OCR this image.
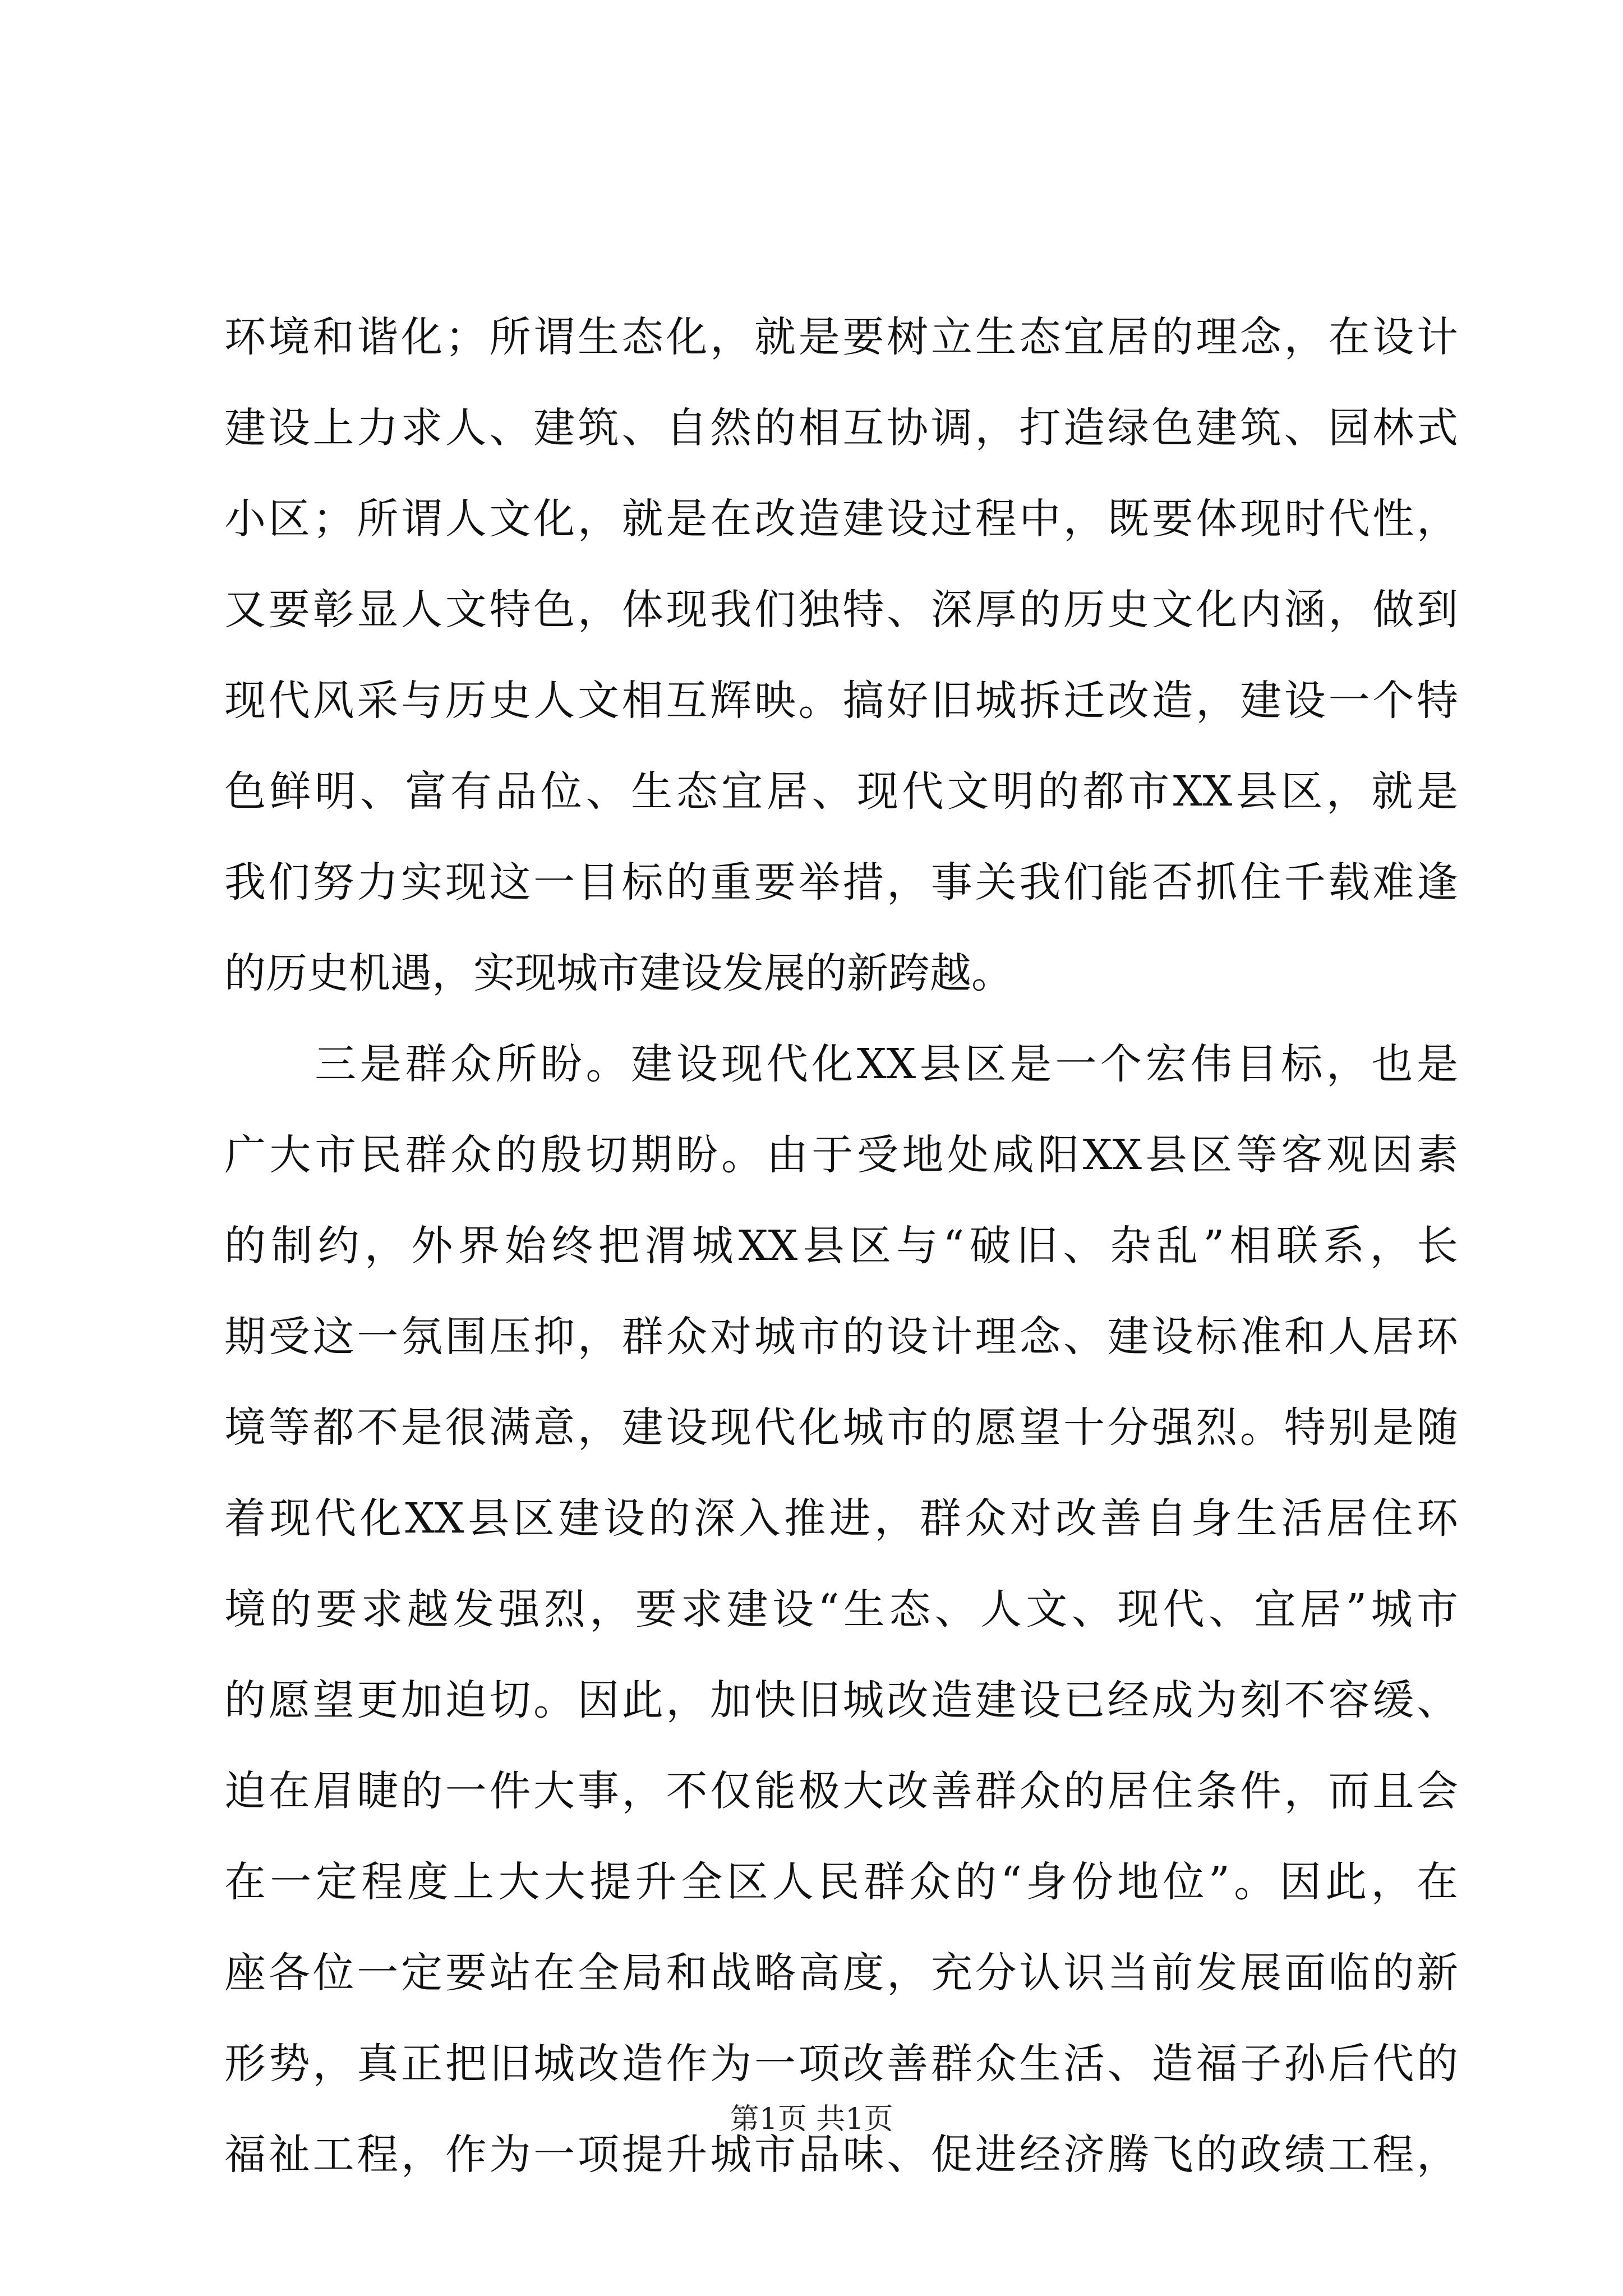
环境和谐化；所谓生态化，就是要树立生态宜居的理念，在设计

建设上力求人、建筑、自然的相互协调，打造绿色建筑、园林式

小区；所谓人文化，就是在改造建设过程中，既要体现时代性，

又要彰显人文特色，体现我们独特、深厚的历史文化内涵，做到

现代风采与历史人文相互辉映。搞好旧城拆迁改造，建设一个特

色鲜明、富有品位、生态宜居、现代文明的都市XX县区，就是

我们努力实现这一目标的重要举措，事关我们能否抓住千载难逢

的历史机遇，实现城市建设发展的新跨越。

　　三是群众所盼。建设现代化XX县区是一个宏伟目标，也是

广大市民群众的殷切期盼。由于受地处咸阳XX县区等客观因素

的制约，外界始终把渭城XX县区与“破旧、杂乱”相联系，长

期受这一氛围压抑，群众对城市的设计理念、建设标准和人居环

境等都不是很满意，建设现代化城市的愿望十分强烈。特别是随

着现代化XX县区建设的深入推进，群众对改善自身生活居住环

境的要求越发强烈，要求建设“生态、人文、现代、宜居”城市

的愿望更加迫切。因此，加快旧城改造建设已经成为刻不容缓、

迫在眉睫的一件大事，不仅能极大改善群众的居住条件，而且会

在一定程度上大大提升全区人民群众的“身份地位”。因此，在

座各位一定要站在全局和战略高度，充分认识当前发展面临的新

形势，真正把旧城改造作为一项改善群众生活、造福子孙后代的

福祉工程，作为一项提升城市品味、促进经济腾飞的政绩工程，

第1页 共1页
